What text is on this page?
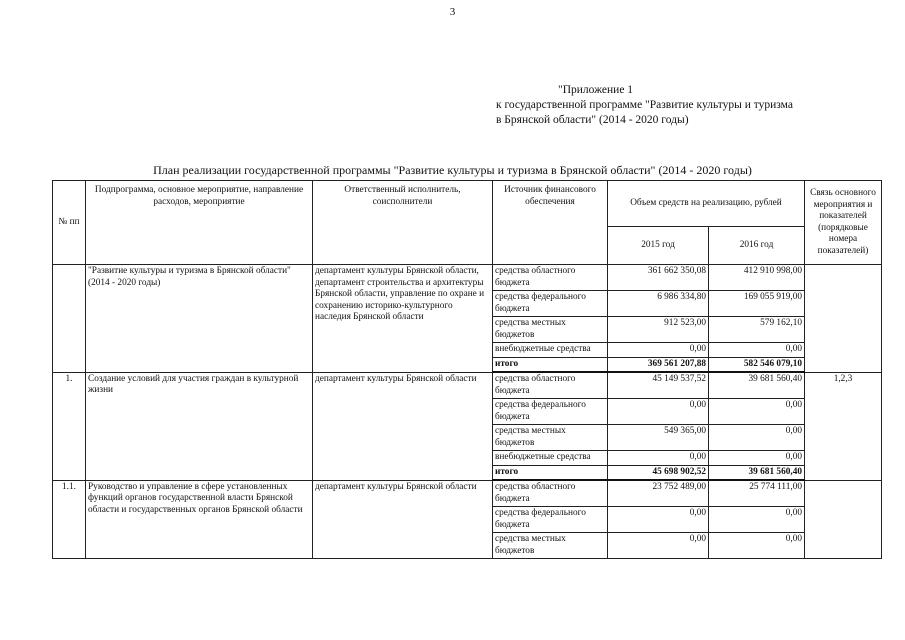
3
"Приложение 1
к государственной программе "Развитие культуры и туризма
в Брянской области" (2014 - 2020 годы)
План реализации государственной программы "Развитие культуры и туризма в Брянской области" (2014 - 2020 годы)
№ пп	Подпрограмма, основное мероприятие, направление расходов, мероприятие	Ответственный исполнитель, соисполнители	Источник финансового обеспечения	Объем средств на реализацию, рублей		Связь основного мероприятия и показателей (порядковые номера показателей)
				2015 год	2016 год	
	"Развитие культуры и туризма в Брянской области" (2014 - 2020 годы)	департамент культуры Брянской области, департамент строительства и архитектуры Брянской области, управление по охране и сохранению историко-культурного наследия Брянской области	средства областного бюджета	361 662 350,08	412 910 998,00	
			средства федерального бюджета	6 986 334,80	169 055 919,00	
			средства местных бюджетов	912 523,00	579 162,10	
			внебюджетные средства	0,00	0,00	
			итого	369 561 207,88	582 546 079,10	
1.	Создание условий для участия граждан в культурной жизни	департамент культуры Брянской области	средства областного бюджета	45 149 537,52	39 681 560,40	1,2,3
			средства федерального бюджета	0,00	0,00	
			средства местных бюджетов	549 365,00	0,00	
			внебюджетные средства	0,00	0,00	
			итого	45 698 902,52	39 681 560,40	
1.1.	Руководство и управление в сфере установленных функций органов государственной власти Брянской области и государственных органов Брянской области	департамент культуры Брянской области	средства областного бюджета	23 752 489,00	25 774 111,00	
			средства федерального бюджета	0,00	0,00	
			средства местных бюджетов	0,00	0,00	
